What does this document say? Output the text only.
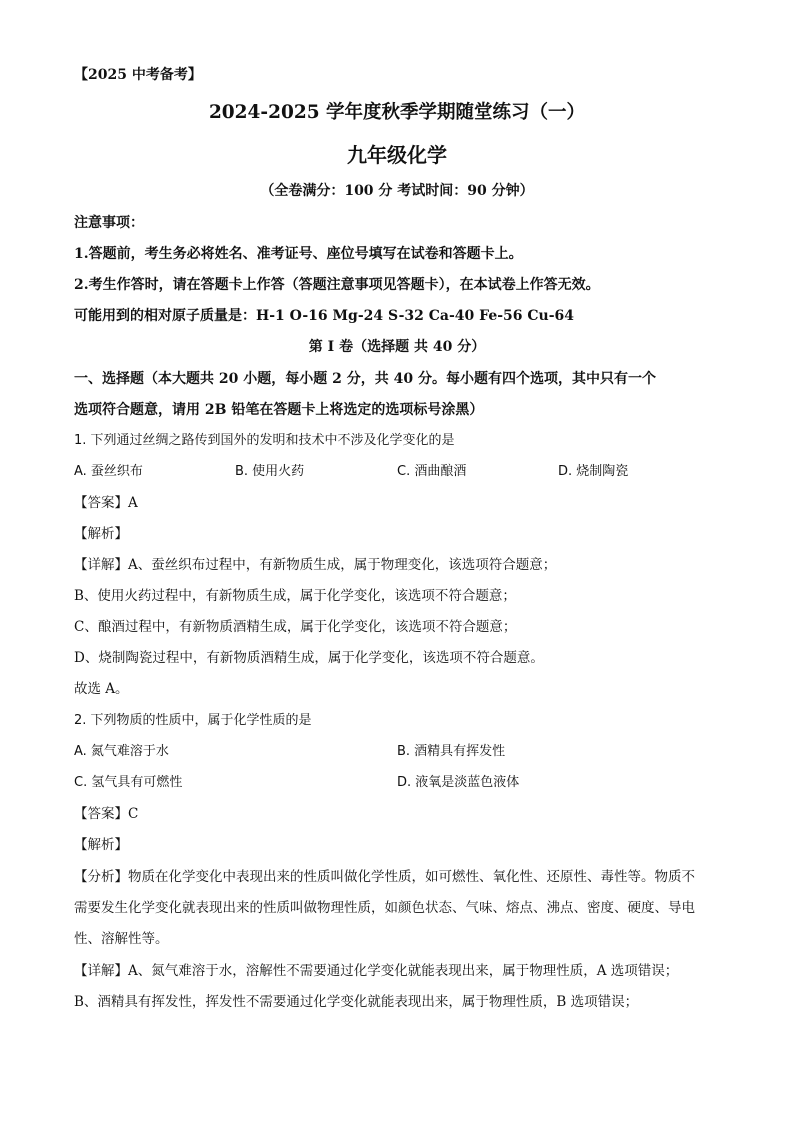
【2025 中考备考】
2024-2025 学年度秋季学期随堂练习（一）
九年级化学
（全卷满分：100 分 考试时间：90 分钟）
注意事项：
1.答题前，考生务必将姓名、准考证号、座位号填写在试卷和答题卡上。
2.考生作答时，请在答题卡上作答（答题注意事项见答题卡），在本试卷上作答无效。
可能用到的相对原子质量是：H-1 O-16 Mg-24 S-32 Ca-40 Fe-56 Cu-64
第 I 卷（选择题 共 40 分）
一、选择题（本大题共 20 小题，每小题 2 分，共 40 分。每小题有四个选项，其中只有一个
选项符合题意，请用 2B 铅笔在答题卡上将选定的选项标号涂黑）
1. 下列通过丝绸之路传到国外的发明和技术中不涉及化学变化的是
A. 蚕丝织布	B. 使用火药	C. 酒曲酿酒	D. 烧制陶瓷
【答案】A
【解析】
【详解】A、蚕丝织布过程中，有新物质生成，属于物理变化，该选项符合题意；
B、使用火药过程中，有新物质生成，属于化学变化，该选项不符合题意；
C、酿酒过程中，有新物质酒精生成，属于化学变化，该选项不符合题意；
D、烧制陶瓷过程中，有新物质酒精生成，属于化学变化，该选项不符合题意。
故选 A。
2. 下列物质的性质中，属于化学性质的是
A. 氮气难溶于水	B. 酒精具有挥发性
C. 氢气具有可燃性	D. 液氧是淡蓝色液体
【答案】C
【解析】
【分析】物质在化学变化中表现出来的性质叫做化学性质，如可燃性、氧化性、还原性、毒性等。物质不
需要发生化学变化就表现出来的性质叫做物理性质，如颜色状态、气味、熔点、沸点、密度、硬度、导电
性、溶解性等。
【详解】A、氮气难溶于水，溶解性不需要通过化学变化就能表现出来，属于物理性质，A 选项错误；
B、酒精具有挥发性，挥发性不需要通过化学变化就能表现出来，属于物理性质，B 选项错误；
